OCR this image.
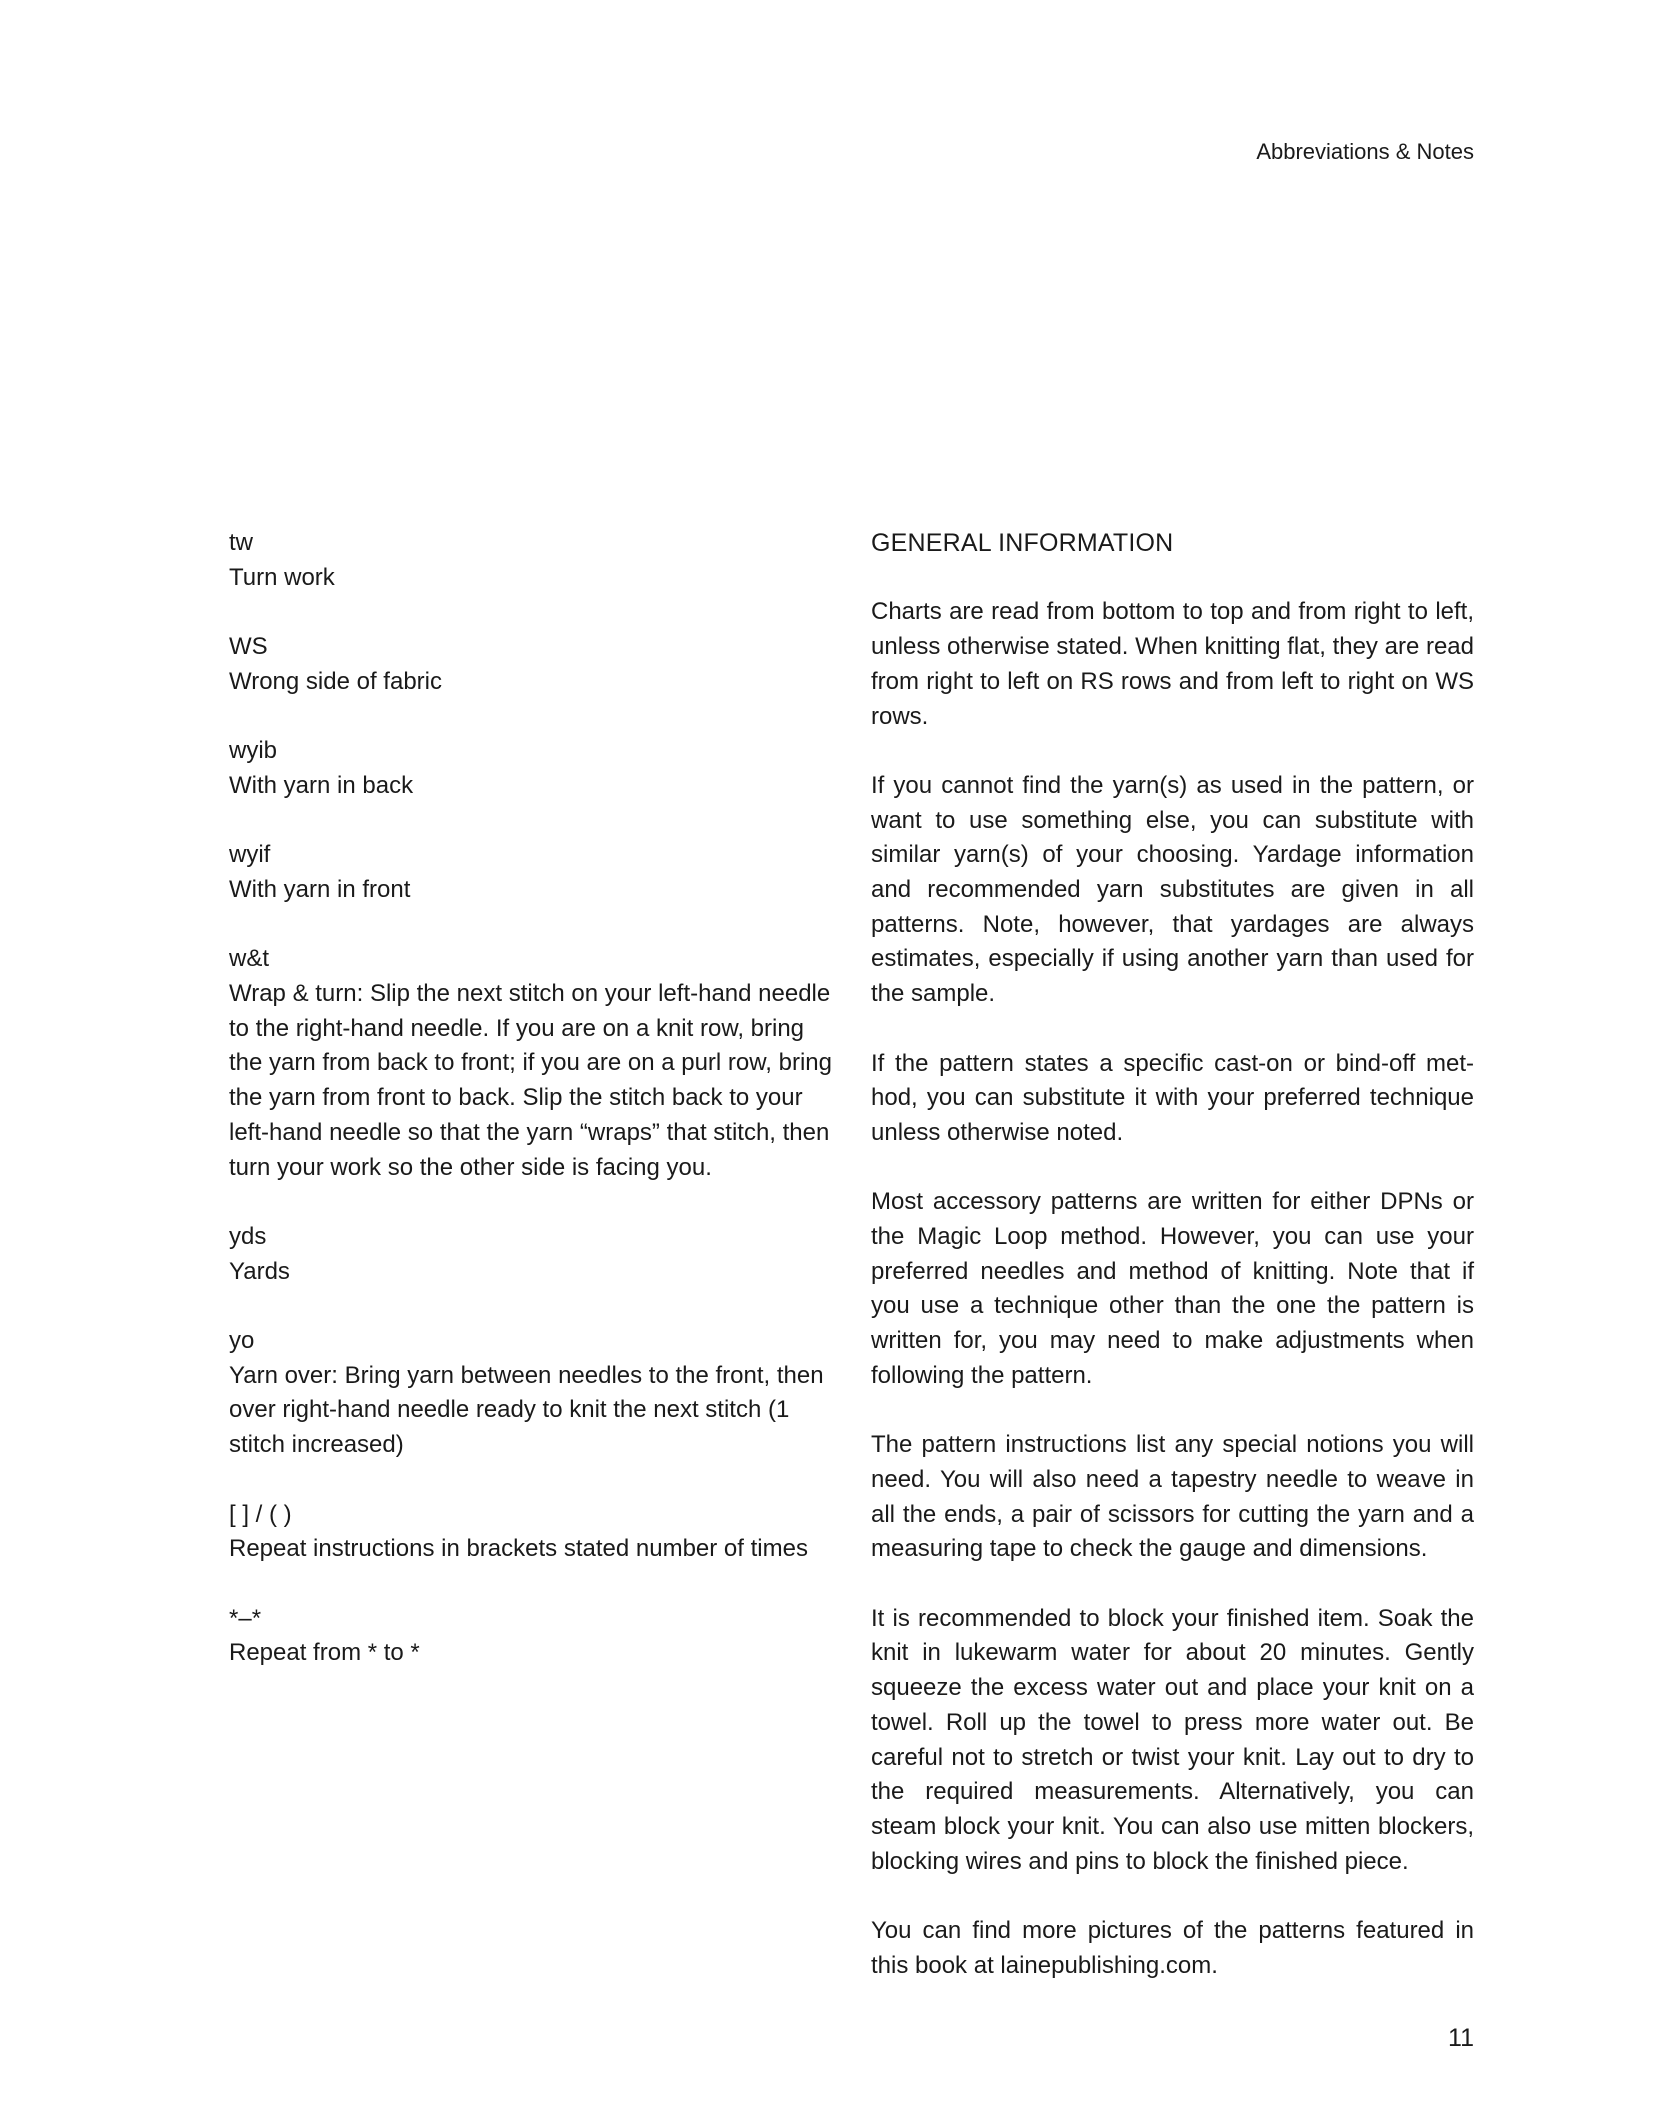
Abbreviations & Notes
tw
Turn work
WS
Wrong side of fabric
wyib
With yarn in back
wyif
With yarn in front
w&t
Wrap & turn: Slip the next stitch on your left-hand needle to the right-hand needle. If you are on a knit row, bring the yarn from back to front; if you are on a purl row, bring the yarn from front to back. Slip the stitch back to your left-hand needle so that the yarn “wraps” that stitch, then turn your work so the other side is facing you.
yds
Yards
yo
Yarn over: Bring yarn between needles to the front, then over right-hand needle ready to knit the next stitch (1 stitch increased)
[ ] / ( )
Repeat instructions in brackets stated number of times
*–*
Repeat from * to *
GENERAL INFORMATION

Charts are read from bottom to top and from right to left, unless otherwise stated. When knitting flat, they are read from right to left on RS rows and from left to right on WS rows.

If you cannot find the yarn(s) as used in the pattern, or want to use something else, you can substitute with similar yarn(s) of your choosing. Yardage information and recommended yarn substitutes are given in all patterns. Note, however, that yardages are always estimates, especially if using another yarn than used for the sample.

If the pattern states a specific cast-on or bind-off met-hod, you can substitute it with your preferred technique unless otherwise noted.

Most accessory patterns are written for either DPNs or the Magic Loop method. However, you can use your preferred needles and method of knitting. Note that if you use a technique other than the one the pattern is written for, you may need to make adjustments when following the pattern.

The pattern instructions list any special notions you will need. You will also need a tapestry needle to weave in all the ends, a pair of scissors for cutting the yarn and a measuring tape to check the gauge and dimensions.

It is recommended to block your finished item. Soak the knit in lukewarm water for about 20 minutes. Gently squeeze the excess water out and place your knit on a towel. Roll up the towel to press more water out. Be careful not to stretch or twist your knit. Lay out to dry to the required measurements. Alternatively, you can steam block your knit. You can also use mitten blockers, blocking wires and pins to block the finished piece.

You can find more pictures of the patterns featured in this book at lainepublishing.com.

11
